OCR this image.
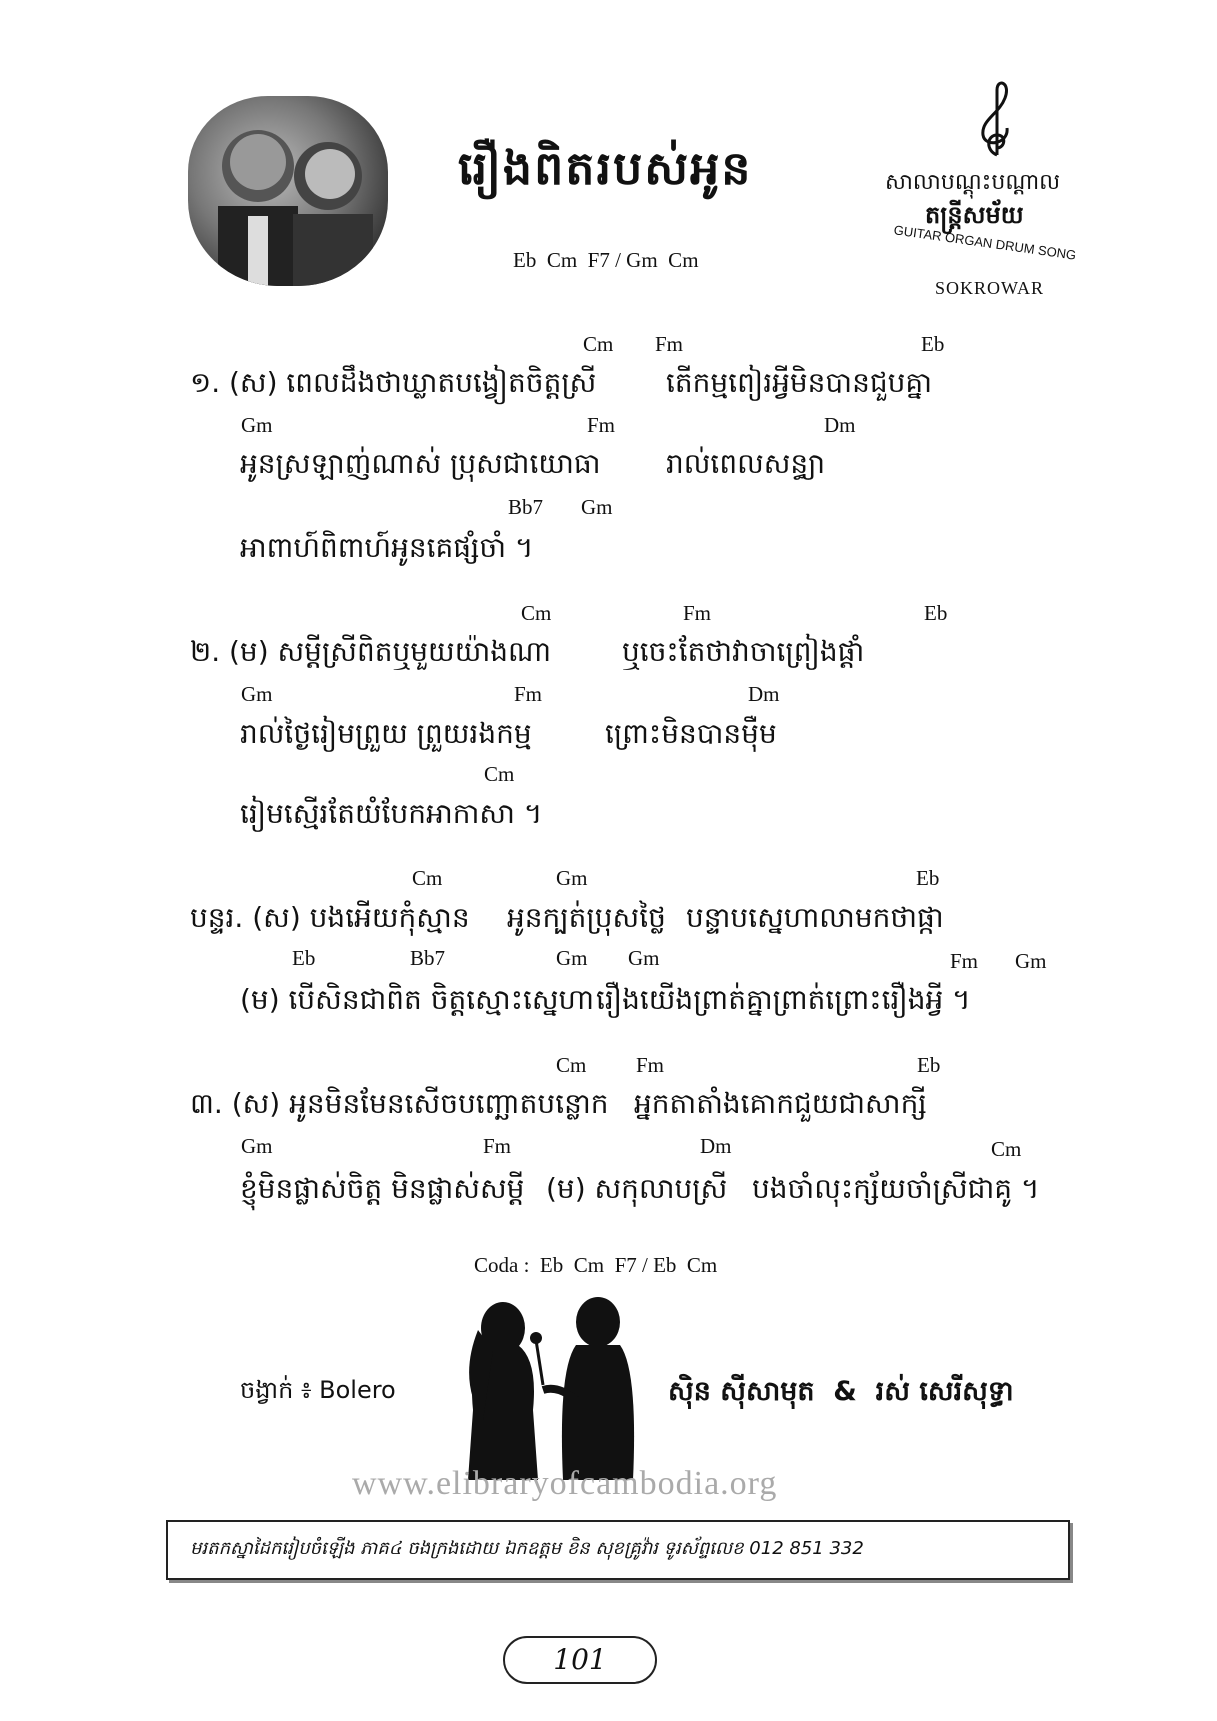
រឿងពិតរបស់អូន
Eb  Cm  F7 / Gm  Cm
សាលាបណ្តុះបណ្តាល
តន្ត្រីសម័យ
GUITAR ORGAN DRUM SONG
SOKROWAR
Cm Fm	Eb
១. (ស) ពេលដឹងថាឃ្លាតបង្វៀតចិត្តស្រី តើកម្មពៀរអ្វីមិនបានជួបគ្នា
Gm	Fm	Dm
អូនស្រឡាញ់ណាស់ ប្រុសជាយោធា រាល់ពេលសន្ធ្យា
Bb7 Gm
អាពាហ៍ពិពាហ៍អូនគេផ្សំចាំ ។
Cm	Fm	Eb
២. (ម) សម្តីស្រីពិតឬមួយយ៉ាងណា	ឬចេះតែថាវាចាព្រៀងផ្តាំ
Gm	Fm	Dm
រាល់ថ្ងៃរៀមព្រួយ ព្រួយរងកម្ម	ព្រោះមិនបានម៉ឺម
Cm
រៀមស្មើរតែយំបែកអាកាសា ។
Cm	Gm	Eb
បន្ទរ. (ស) បងអើយកុំស្មាន អូនក្បត់ប្រុសថ្លៃ បន្ទាបស្នេហាលាមកថាផ្កា
Eb	Bb7	Gm Gm	Fm Gm
(ម) បើសិនជាពិត ចិត្តស្មោះស្នេហា រឿងយើងព្រាត់គ្នាព្រាត់ព្រោះរឿងអ្វី ។
Cm Fm	Eb
៣. (ស) អូនមិនមែនសើចបញ្ឆោតបន្លោក អ្នកតាតាំងគោកជួយជាសាក្សី
Gm	Fm	Dm	Cm
ខ្ញុំមិនផ្លាស់ចិត្ត មិនផ្លាស់សម្តី (ម) សកុលាបស្រី បងចាំលុះក្ស័យចាំស្រីជាគូ ។
Coda :  Eb  Cm  F7 / Eb  Cm
ចង្វាក់ ៖ Bolero	ស៊ិន ស៊ីសាមុត  &  រស់ សេរីសុទ្ធា
www.elibraryofcambodia.org
មរតកស្នាដៃករៀបចំឡើង ភាគ៤ ចងក្រងដោយ ឯកឧត្តម ខិន សុខគ្រូវ៉ារ ទូរស័ព្ទលេខ 012 851 332
101
